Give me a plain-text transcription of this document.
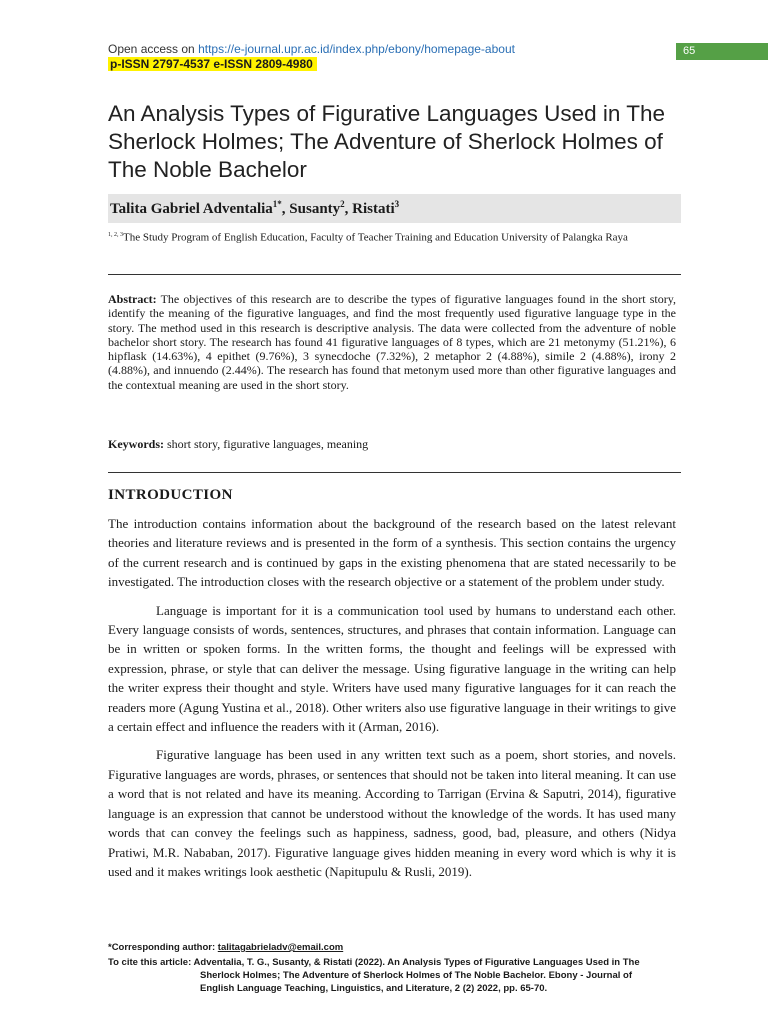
Open access on https://e-journal.upr.ac.id/index.php/ebony/homepage-about
p-ISSN 2797-4537 e-ISSN 2809-4980
65
An Analysis Types of Figurative Languages Used in The Sherlock Holmes; The Adventure of Sherlock Holmes of The Noble Bachelor
Talita Gabriel Adventalia$^{1*}$, Susanty$^2$, Ristati$^3$
$^{1, 2, 3}$The Study Program of English Education, Faculty of Teacher Training and Education University of Palangka Raya
Abstract: The objectives of this research are to describe the types of figurative languages found in the short story, identify the meaning of the figurative languages, and find the most frequently used figurative language type in the story. The method used in this research is descriptive analysis. The data were collected from the adventure of noble bachelor short story. The research has found 41 figurative languages of 8 types, which are 21 metonymy (51.21%), 6 hipflask (14.63%), 4 epithet (9.76%), 3 synecdoche (7.32%), 2 metaphor 2 (4.88%), simile 2 (4.88%), irony 2 (4.88%), and innuendo (2.44%). The research has found that metonym used more than other figurative languages and the contextual meaning are used in the short story.
Keywords: short story, figurative languages, meaning
INTRODUCTION

The introduction contains information about the background of the research based on the latest relevant theories and literature reviews and is presented in the form of a synthesis. This section contains the urgency of the current research and is continued by gaps in the existing phenomena that are stated necessarily to be investigated. The introduction closes with the research objective or a statement of the problem under study.

Language is important for it is a communication tool used by humans to understand each other. Every language consists of words, sentences, structures, and phrases that contain information. Language can be in written or spoken forms. In the written forms, the thought and feelings will be expressed with expression, phrase, or style that can deliver the message. Using figurative language in the writing can help the writer express their thought and style. Writers have used many figurative languages for it can reach the readers more (Agung Yustina et al., 2018). Other writers also use figurative language in their writings to give a certain effect and influence the readers with it (Arman, 2016).

Figurative language has been used in any written text such as a poem, short stories, and novels. Figurative languages are words, phrases, or sentences that should not be taken into literal meaning. It can use a word that is not related and have its meaning. According to Tarrigan (Ervina & Saputri, 2014), figurative language is an expression that cannot be understood without the knowledge of the words. It has used many words that can convey the feelings such as happiness, sadness, good, bad, pleasure, and others (Nidya Pratiwi, M.R. Nababan, 2017). Figurative language gives hidden meaning in every word which is why it is used and it makes writings look aesthetic (Napitupulu & Rusli, 2019).

*Corresponding author: talitagabrieladv@email.com
To cite this article: Adventalia, T. G., Susanty, & Ristati (2022). An Analysis Types of Figurative Languages Used in The
Sherlock Holmes; The Adventure of Sherlock Holmes of The Noble Bachelor. Ebony - Journal of
English Language Teaching, Linguistics, and Literature, 2 (2) 2022, pp. 65-70.
